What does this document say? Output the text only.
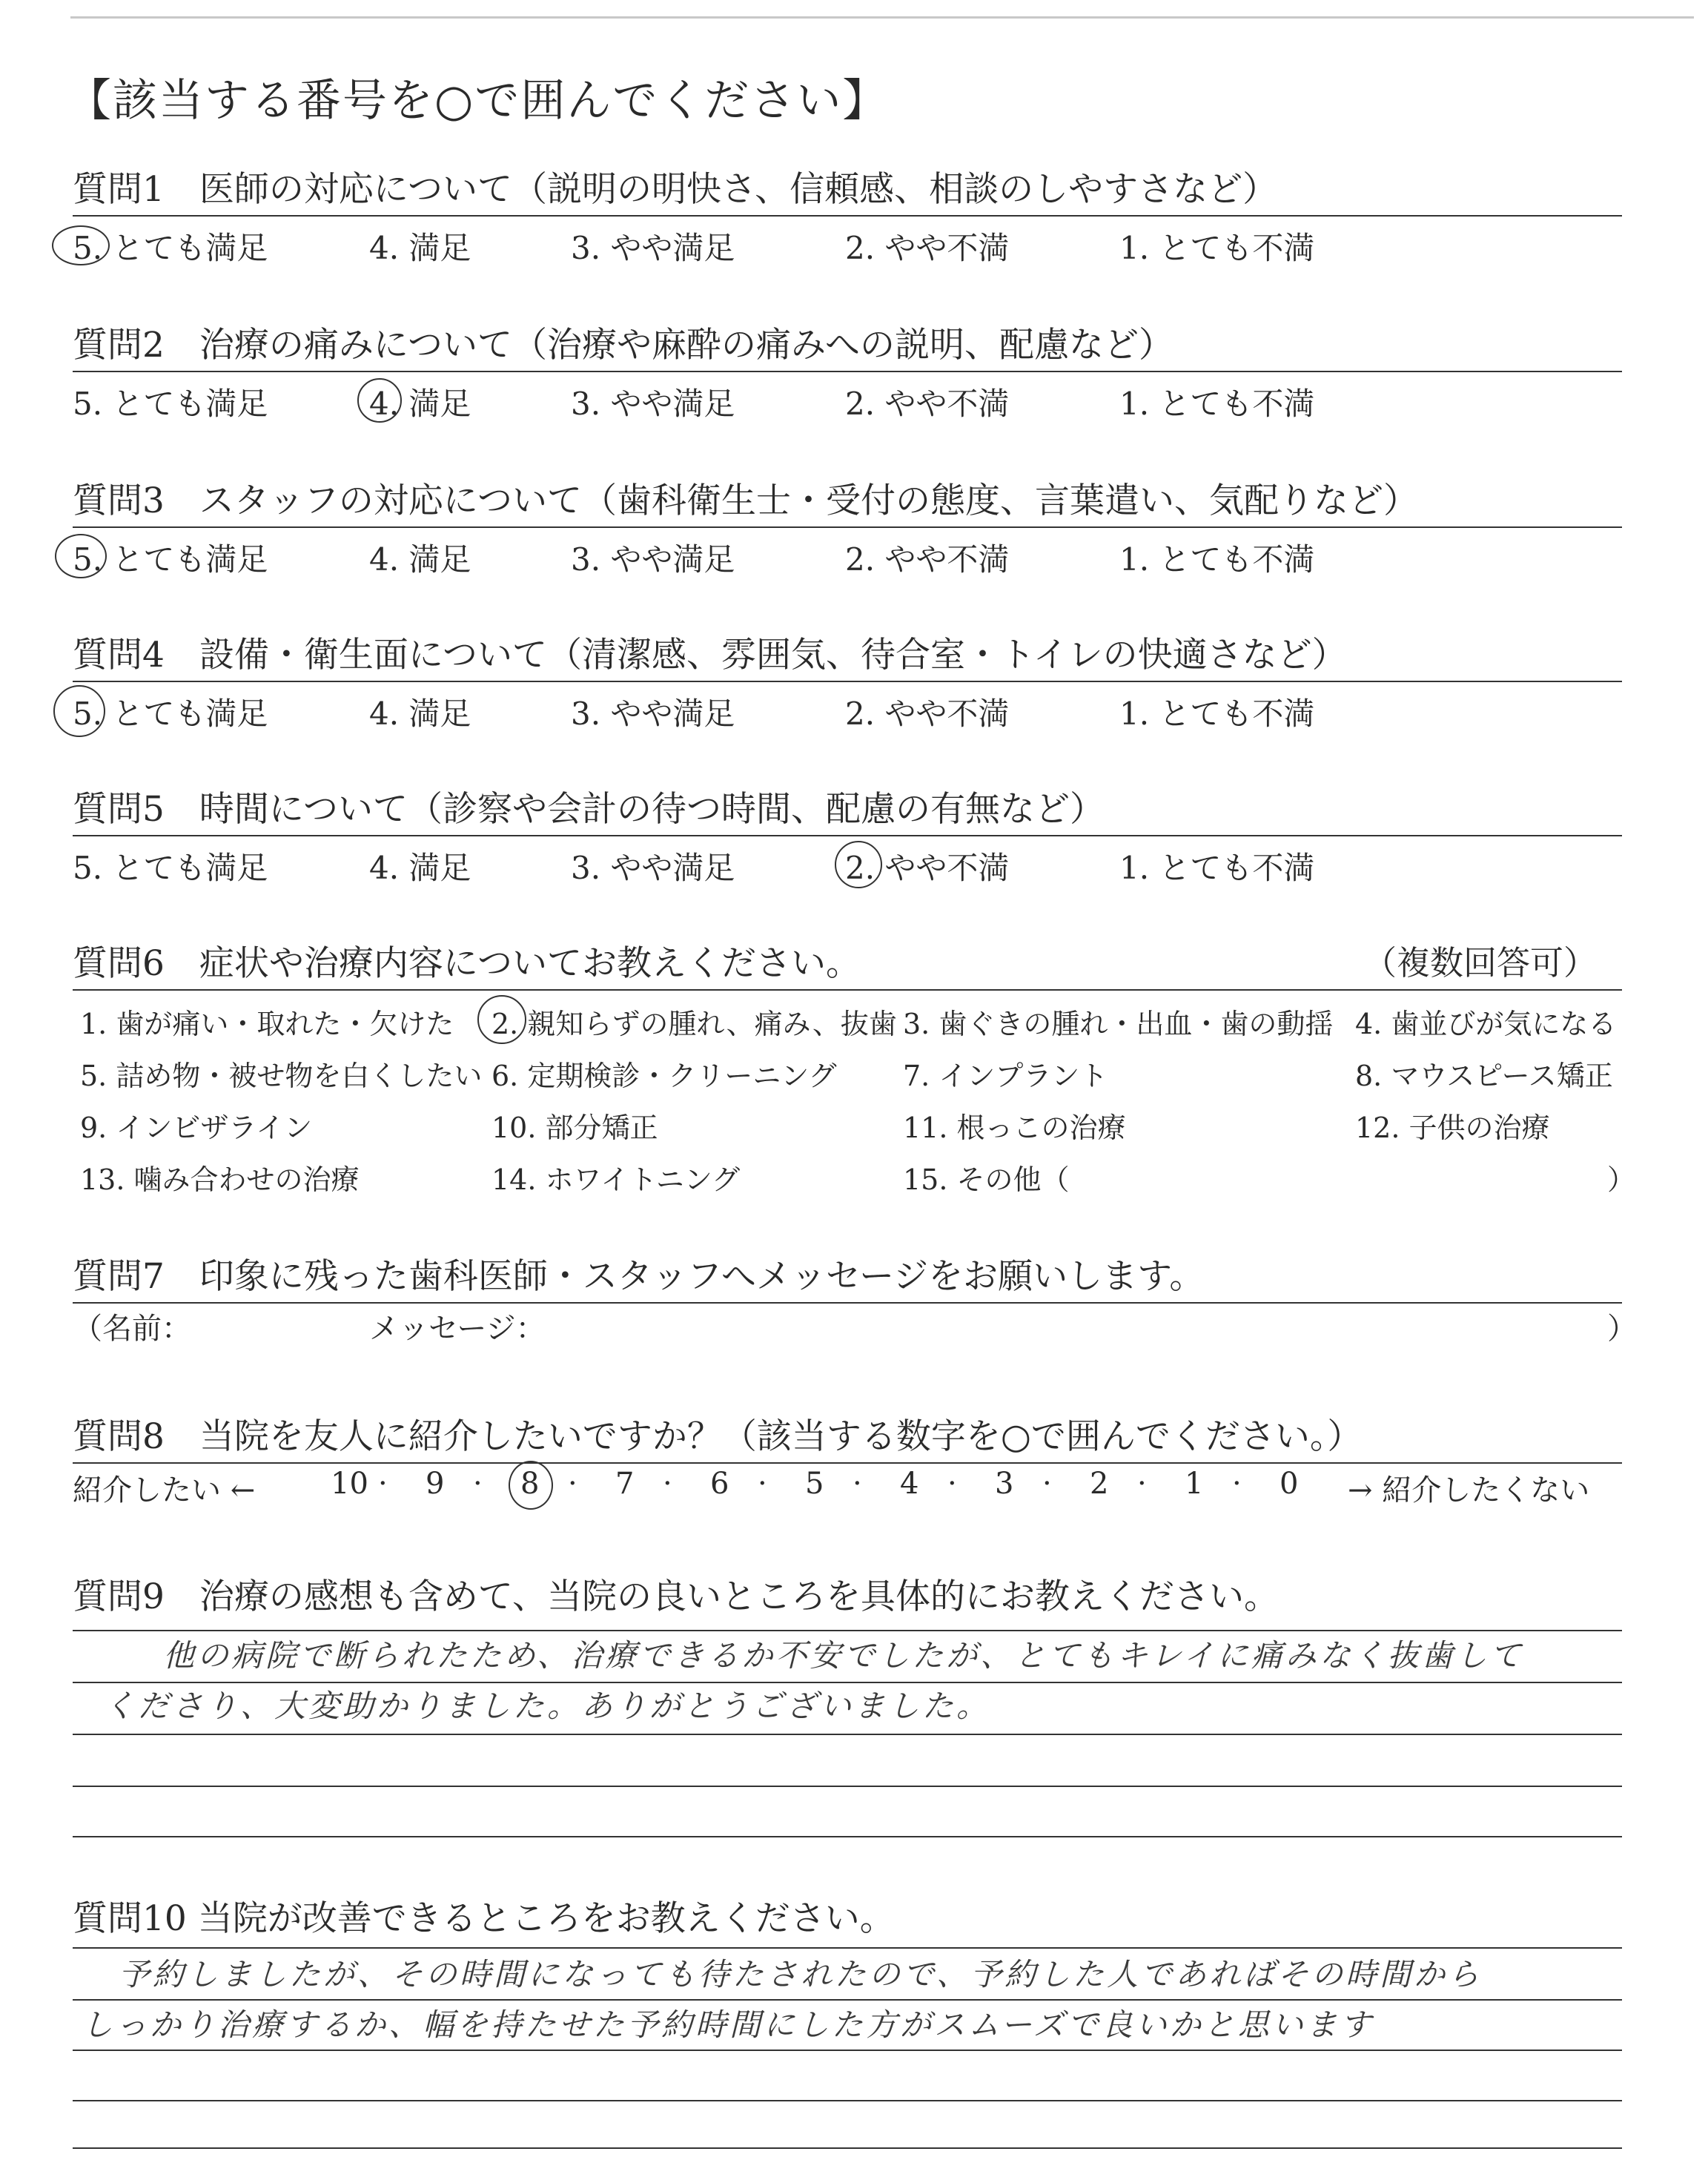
【該当する番号を○で囲んでください】
質問1　医師の対応について（説明の明快さ、信頼感、相談のしやすさなど）
5. とても満足	4. 満足	3. やや満足	2. やや不満	1. とても不満
質問2　治療の痛みについて（治療や麻酔の痛みへの説明、配慮など）
5. とても満足	4. 満足	3. やや満足	2. やや不満	1. とても不満
質問3　スタッフの対応について（歯科衛生士・受付の態度、言葉遣い、気配りなど）
5. とても満足	4. 満足	3. やや満足	2. やや不満	1. とても不満
質問4　設備・衛生面について（清潔感、雰囲気、待合室・トイレの快適さなど）
5. とても満足	4. 満足	3. やや満足	2. やや不満	1. とても不満
質問5　時間について（診察や会計の待つ時間、配慮の有無など）
5. とても満足	4. 満足	3. やや満足	2. やや不満	1. とても不満
質問6　症状や治療内容についてお教えください。	（複数回答可）
1. 歯が痛い・取れた・欠けた 2. 親知らずの腫れ、痛み、抜歯 3. 歯ぐきの腫れ・出血・歯の動揺 4. 歯並びが気になる
5. 詰め物・被せ物を白くしたい 6. 定期検診・クリーニング 7. インプラント	8. マウスピース矯正
9. インビザライン	10. 部分矯正	11. 根っこの治療	12. 子供の治療
13. 噛み合わせの治療	14. ホワイトニング	15. その他（	）
質問7　印象に残った歯科医師・スタッフへメッセージをお願いします。
（名前：	メッセージ：	）
質問8　当院を友人に紹介したいですか？（該当する数字を○で囲んでください。）
紹介したい ←	→ 紹介したくない
10 · 9 · 8 · 7 · 6 · 5 · 4 · 3 · 2 · 1 · 0
質問9　治療の感想も含めて、当院の良いところを具体的にお教えください。
他の病院で断られたため、治療できるか不安でしたが、とてもキレイに痛みなく抜歯して
くださり、大変助かりました。ありがとうございました。
質問10 当院が改善できるところをお教えください。
予約しましたが、その時間になっても待たされたので、予約した人であればその時間から
しっかり治療するか、幅を持たせた予約時間にした方がスムーズで良いかと思います
